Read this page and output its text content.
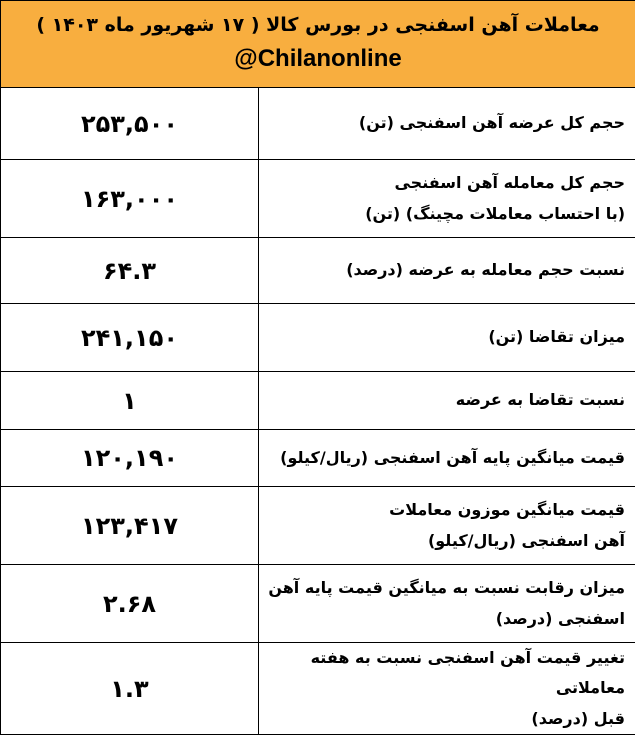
معاملات آهن اسفنجی در بورس کالا ( ۱۷ شهریور ماه ۱۴۰۳ )
@Chilanonline	

۲۵۳,۵۰۰	حجم کل عرضه آهن اسفنجی (تن)

۱۶۳,۰۰۰	حجم کل معامله آهن اسفنجی
(با احتساب معاملات مچینگ) (تن)

۶۴.۳	نسبت حجم معامله به عرضه (درصد)

۲۴۱,۱۵۰	میزان تقاضا (تن)

۱	نسبت تقاضا به عرضه

۱۲۰,۱۹۰	قیمت میانگین پایه آهن اسفنجی (ریال/کیلو)

۱۲۳,۴۱۷	قیمت میانگین موزون معاملات
آهن اسفنجی (ریال/کیلو)

۲.۶۸	میزان رقابت نسبت به میانگین قیمت پایه آهن
اسفنجی (درصد)

۱.۳	تغییر قیمت آهن اسفنجی نسبت به هفته معاملاتی
قبل (درصد)
